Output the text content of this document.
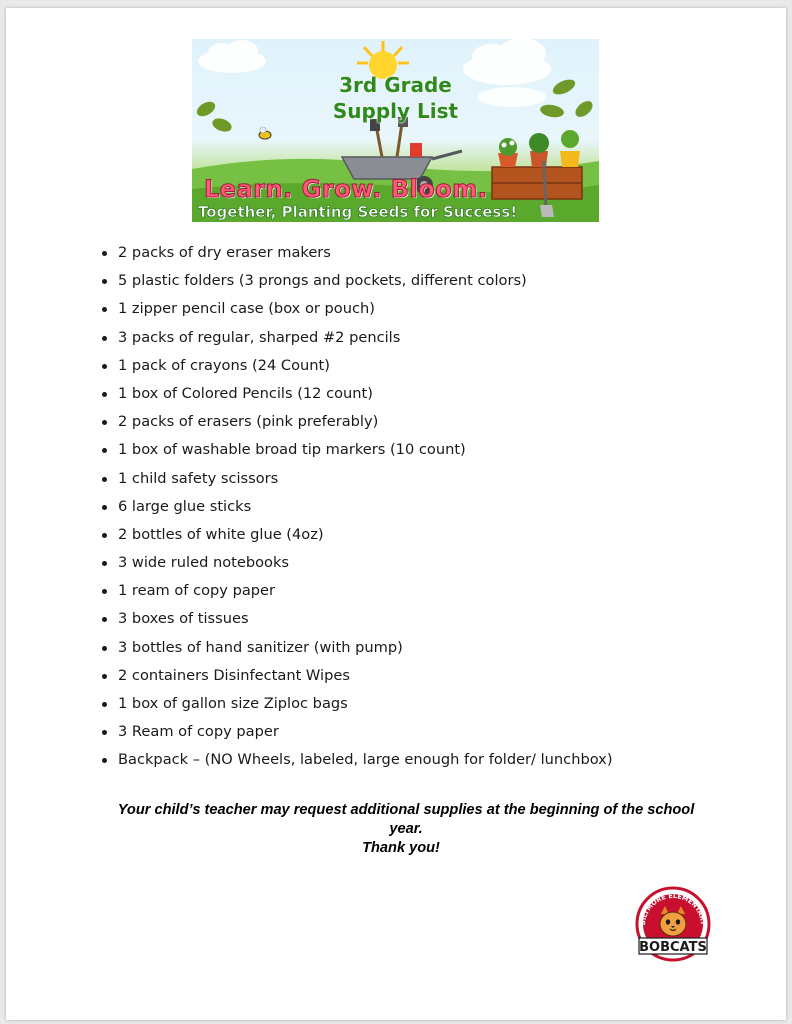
3rd Grade
Supply List
Learn. Grow. Bloom.
Together, Planting Seeds for Success!
2 packs of dry eraser makers
5 plastic folders (3 prongs and pockets, different colors)
1 zipper pencil case (box or pouch)
3 packs of regular, sharped #2 pencils
1 pack of crayons (24 Count)
1 box of Colored Pencils (12 count)
2 packs of erasers (pink preferably)
1 box of washable broad tip markers (10 count)
1 child safety scissors
6 large glue sticks
2 bottles of white glue (4oz)
3 wide ruled notebooks
1 ream of copy paper
3 boxes of tissues
3 bottles of hand sanitizer (with pump)
2 containers Disinfectant Wipes
1 box of gallon size Ziploc bags
3 Ream of copy paper
Backpack – (NO Wheels, labeled, large enough for folder/ lunchbox)
Your child’s teacher may request additional supplies at the beginning of the school year.
Thank you!
BILTMORE ELEMENTARY
BOBCATS
